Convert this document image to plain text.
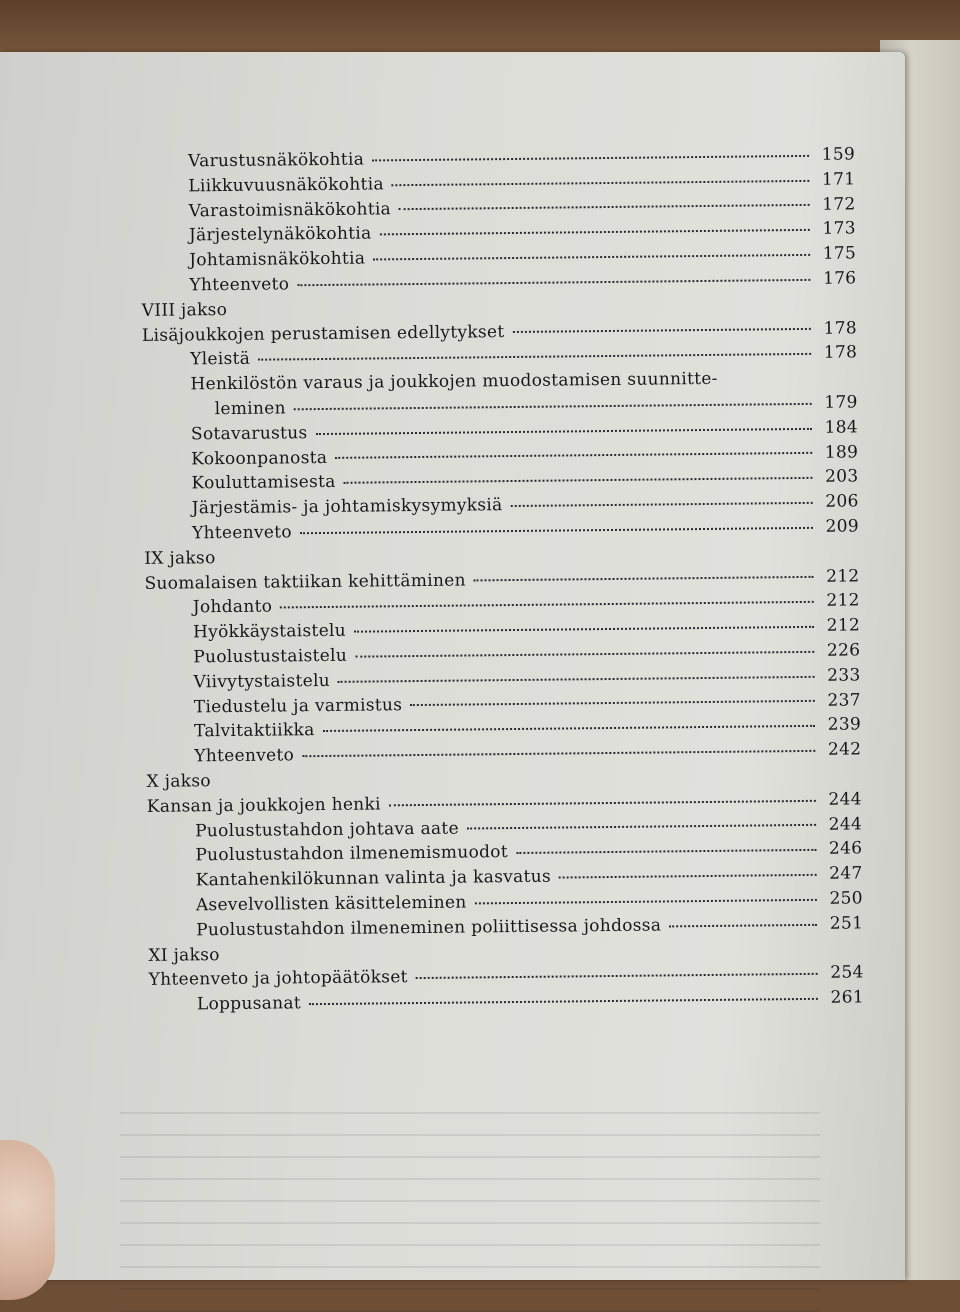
Varustusnäkökohtia	159
Liikkuvuusnäkökohtia	171
Varastoimisnäkökohtia	172
Järjestelynäkökohtia	173
Johtamisnäkökohtia	175
Yhteenveto	176
VIII jakso
Lisäjoukkojen perustamisen edellytykset	178
Yleistä	178
Henkilöstön varaus ja joukkojen muodostamisen suunnitte-
leminen	179
Sotavarustus	184
Kokoonpanosta	189
Kouluttamisesta	203
Järjestämis- ja johtamiskysymyksiä	206
Yhteenveto	209
IX jakso
Suomalaisen taktiikan kehittäminen	212
Johdanto	212
Hyökkäystaistelu	212
Puolustustaistelu	226
Viivytystaistelu	233
Tiedustelu ja varmistus	237
Talvitaktiikka	239
Yhteenveto	242
X jakso
Kansan ja joukkojen henki	244
Puolustustahdon johtava aate	244
Puolustustahdon ilmenemismuodot	246
Kantahenkilökunnan valinta ja kasvatus	247
Asevelvollisten käsitteleminen	250
Puolustustahdon ilmeneminen poliittisessa johdossa	251
XI jakso
Yhteenveto ja johtopäätökset	254
Loppusanat	261
